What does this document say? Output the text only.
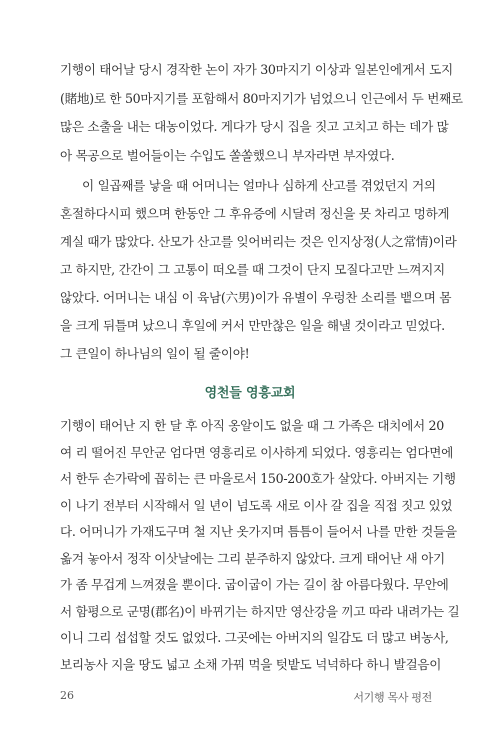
기행이 태어날 당시 경작한 논이 자가 30마지기 이상과 일본인에게서 도지
(賭地)로 한 50마지기를 포함해서 80마지기가 넘었으니 인근에서 두 번째로
많은 소출을 내는 대농이었다. 게다가 당시 집을 짓고 고치고 하는 데가 많
아 목공으로 벌어들이는 수입도 쏠쏠했으니 부자라면 부자였다.
이 일곱째를 낳을 때 어머니는 얼마나 심하게 산고를 겪었던지 거의
혼절하다시피 했으며 한동안 그 후유증에 시달려 정신을 못 차리고 멍하게
계실 때가 많았다. 산모가 산고를 잊어버리는 것은 인지상정(人之常情)이라
고 하지만, 간간이 그 고통이 떠오를 때 그것이 단지 모질다고만 느껴지지
않았다. 어머니는 내심 이 육남(六男)이가 유별이 우렁찬 소리를 뱉으며 몸
을 크게 뒤틀며 났으니 후일에 커서 만만찮은 일을 해낼 것이라고 믿었다.
그 큰일이 하나님의 일이 될 줄이야!
영천들 영흥교회
기행이 태어난 지 한 달 후 아직 옹알이도 없을 때 그 가족은 대치에서 20
여 리 떨어진 무안군 엄다면 영흥리로 이사하게 되었다. 영흥리는 엄다면에
서 한두 손가락에 꼽히는 큰 마을로서 150-200호가 살았다. 아버지는 기행
이 나기 전부터 시작해서 일 년이 넘도록 새로 이사 갈 집을 직접 짓고 있었
다. 어머니가 가재도구며 철 지난 옷가지며 틈틈이 들어서 나를 만한 것들을
옮겨 놓아서 정작 이삿날에는 그리 분주하지 않았다. 크게 태어난 새 아기
가 좀 무겁게 느껴졌을 뿐이다. 굽이굽이 가는 길이 참 아름다웠다. 무안에
서 함평으로 군명(郡名)이 바뀌기는 하지만 영산강을 끼고 따라 내려가는 길
이니 그리 섭섭할 것도 없었다. 그곳에는 아버지의 일감도 더 많고 벼농사,
보리농사 지을 땅도 넓고 소채 가꿔 먹을 텃밭도 넉넉하다 하니 발걸음이
26	서기행 목사 평전
